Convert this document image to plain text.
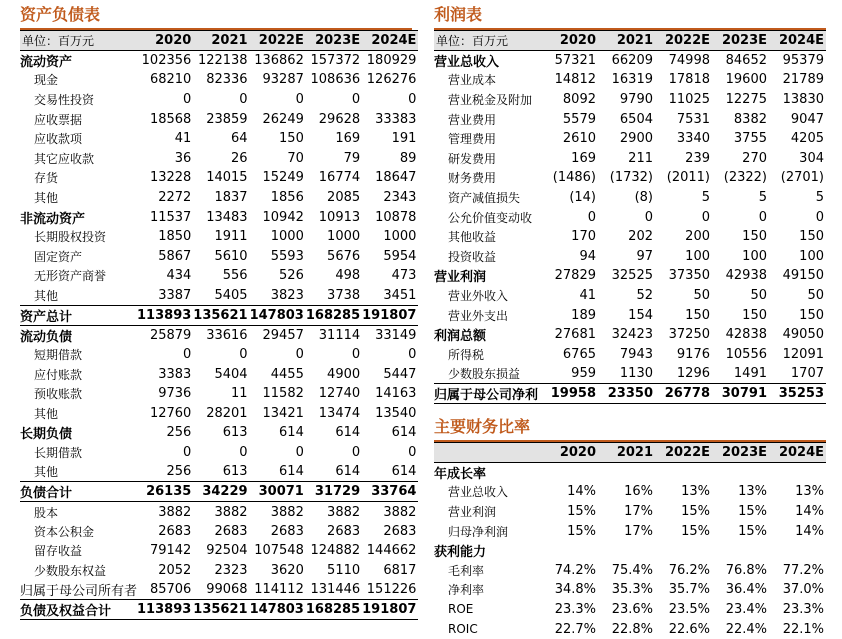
资产负债表
单位：百万元	2020	2021	2022E	2023E	2024E
流动资产	102356	122138	136862	157372	180929
现金	68210	82336	93287	108636	126276
交易性投资	0	0	0	0	0
应收票据	18568	23859	26249	29628	33383
应收款项	41	64	150	169	191
其它应收款	36	26	70	79	89
存货	13228	14015	15249	16774	18647
其他	2272	1837	1856	2085	2343
非流动资产	11537	13483	10942	10913	10878
长期股权投资	1850	1911	1000	1000	1000
固定资产	5867	5610	5593	5676	5954
无形资产商誉	434	556	526	498	473
其他	3387	5405	3823	3738	3451
资产总计	113893	135621	147803	168285	191807
流动负债	25879	33616	29457	31114	33149
短期借款	0	0	0	0	0
应付账款	3383	5404	4455	4900	5447
预收账款	9736	11	11582	12740	14163
其他	12760	28201	13421	13474	13540
长期负债	256	613	614	614	614
长期借款	0	0	0	0	0
其他	256	613	614	614	614
负债合计	26135	34229	30071	31729	33764
股本	3882	3882	3882	3882	3882
资本公积金	2683	2683	2683	2683	2683
留存收益	79142	92504	107548	124882	144662
少数股东权益	2052	2323	3620	5110	6817
归属于母公司所有者	85706	99068	114112	131446	151226
负债及权益合计	113893	135621	147803	168285	191807
利润表
单位：百万元	2020	2021	2022E	2023E	2024E
营业总收入	57321	66209	74998	84652	95379
营业成本	14812	16319	17818	19600	21789
营业税金及附加	8092	9790	11025	12275	13830
营业费用	5579	6504	7531	8382	9047
管理费用	2610	2900	3340	3755	4205
研发费用	169	211	239	270	304
财务费用	(1486)	(1732)	(2011)	(2322)	(2701)
资产减值损失	(14)	(8)	5	5	5
公允价值变动收	0	0	0	0	0
其他收益	170	202	200	150	150
投资收益	94	97	100	100	100
营业利润	27829	32525	37350	42938	49150
营业外收入	41	52	50	50	50
营业外支出	189	154	150	150	150
利润总额	27681	32423	37250	42838	49050
所得税	6765	7943	9176	10556	12091
少数股东损益	959	1130	1296	1491	1707
归属于母公司净利	19958	23350	26778	30791	35253
主要财务比率
	2020	2021	2022E	2023E	2024E
年成长率					
营业总收入	14%	16%	13%	13%	13%
营业利润	15%	17%	15%	15%	14%
归母净利润	15%	17%	15%	15%	14%
获利能力					
毛利率	74.2%	75.4%	76.2%	76.8%	77.2%
净利率	34.8%	35.3%	35.7%	36.4%	37.0%
ROE	23.3%	23.6%	23.5%	23.4%	23.3%
ROIC	22.7%	22.8%	22.6%	22.4%	22.1%
